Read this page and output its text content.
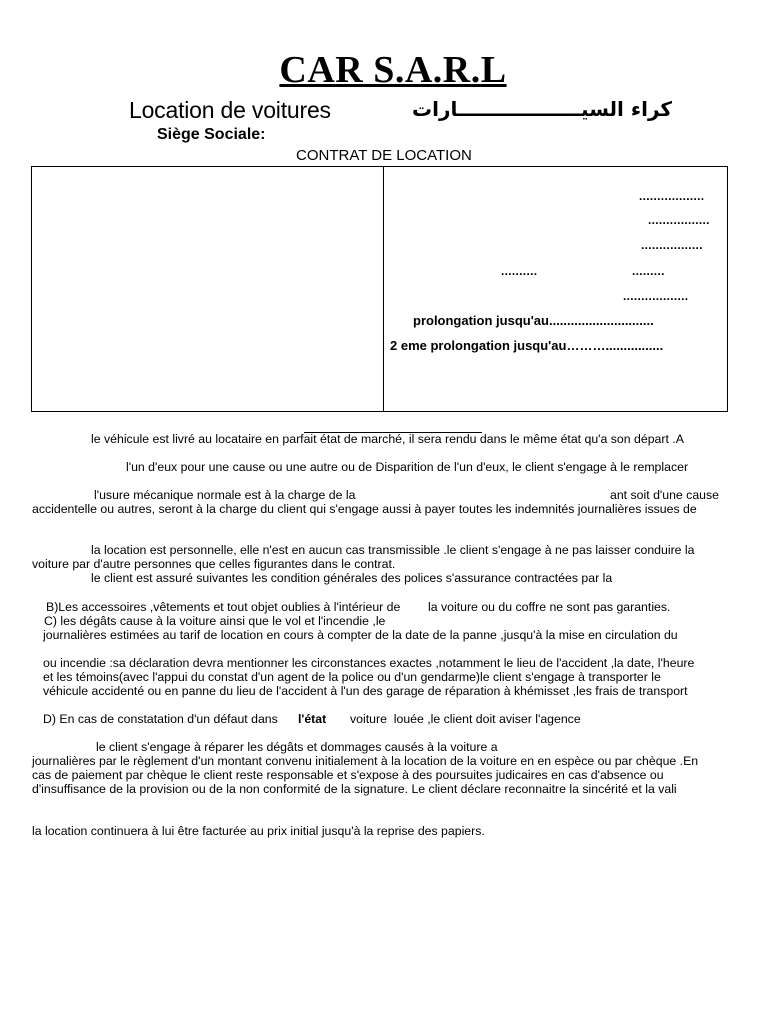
CAR S.A.R.L
Location de voitures	كراء السيــــــــــــــــــارات
Siège Sociale:
CONTRAT DE LOCATION
..................
.................
.................
..........	.........
..................
prolongation jusqu'au.............................
2 eme prolongation jusqu'au………................
le véhicule est livré au locataire en parfait état de marché, il sera rendu dans le même état qu'a son départ .A
l'un d'eux pour une cause ou une autre ou de Disparition de l'un d'eux, le client s'engage à le remplacer
l'usure mécanique normale est à la charge de la	ant soit d'une cause
accidentelle ou autres, seront à la charge du client qui s'engage aussi à payer toutes les indemnités journalières issues de
la location est personnelle, elle n'est en aucun cas transmissible .le client s'engage à ne pas laisser conduire la
voiture par d'autre personnes que celles figurantes dans le contrat.
le client est assuré suivantes les condition générales des polices s'assurance contractées par la
B)Les accessoires ,vêtements et tout objet oublies à l'intérieur de la voiture ou du coffre ne sont pas garanties.
C) les dégâts cause à la voiture ainsi que le vol et l'incendie ,le
journalières estimées au tarif de location en cours à compter de la date de la panne ,jusqu'à la mise en circulation du
ou incendie :sa déclaration devra mentionner les circonstances exactes ,notamment le lieu de l'accident ,la date, l'heure
et les témoins(avec l'appui du constat d'un agent de la police ou d'un gendarme)le client s'engage à transporter le
véhicule accidenté ou en panne du lieu de l'accident à l'un des garage de réparation à khémisset ,les frais de transport
D) En cas de constatation d'un défaut dans l'état voiture  louée ,le client doit aviser l'agence
le client s'engage à réparer les dégâts et dommages causés à la voiture a
journalières par le règlement d'un montant convenu initialement à la location de la voiture en en espèce ou par chèque .En
cas de paiement par chèque le client reste responsable et s'expose à des poursuites judicaires en cas d'absence ou
d'insuffisance de la provision ou de la non conformité de la signature. Le client déclare reconnaitre la sincérité et la vali
la location continuera à lui être facturée au prix initial jusqu'à la reprise des papiers.
